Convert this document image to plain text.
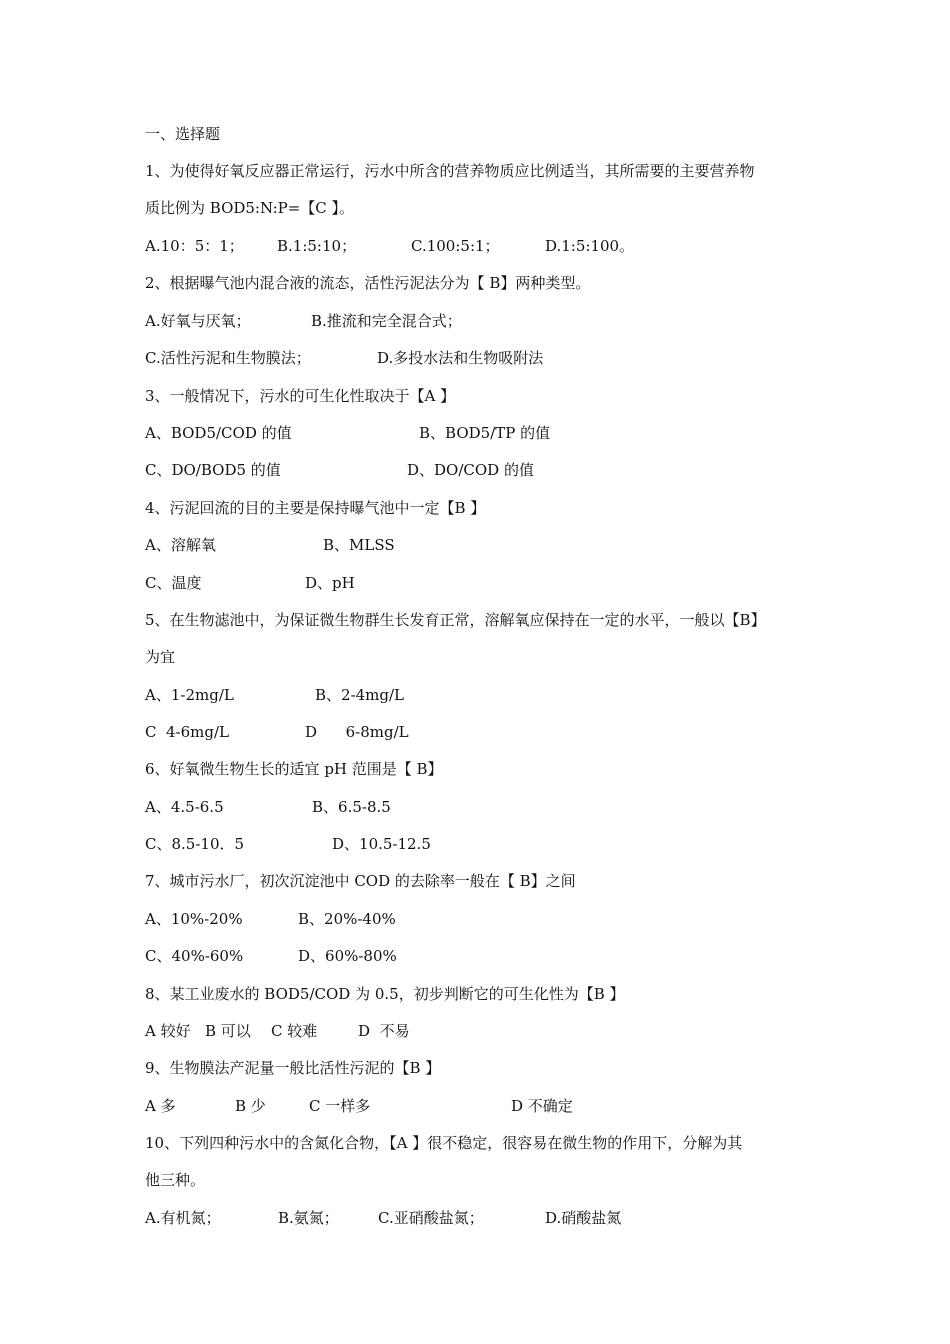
一、选择题
1、为使得好氧反应器正常运行，污水中所含的营养物质应比例适当，其所需要的主要营养物
质比例为 BOD5:N:P=【C 】。
A.10：5：1； B.1:5:10；	C.100:5:1；	D.1:5:100。
2、根据曝气池内混合液的流态，活性污泥法分为【 B】两种类型。
A.好氧与厌氧；	B.推流和完全混合式；
C.活性污泥和生物膜法；	D.多投水法和生物吸附法
3、一般情况下，污水的可生化性取决于【A 】
A、BOD5/COD 的值	B、BOD5/TP 的值
C、DO/BOD5 的值	D、DO/COD 的值
4、污泥回流的目的主要是保持曝气池中一定【B 】
A、溶解氧	B、MLSS
C、温度	D、pH
5、在生物滤池中，为保证微生物群生长发育正常，溶解氧应保持在一定的水平，一般以【B】
为宜
A、1-2mg/L	B、2-4mg/L
C  4-6mg/L	D      6-8mg/L
6、好氧微生物生长的适宜 pH 范围是【 B】
A、4.5-6.5	B、6.5-8.5
C、8.5-10．5	D、10.5-12.5
7、城市污水厂，初次沉淀池中 COD 的去除率一般在【 B】之间
A、10%-20%	B、20%-40%
C、40%-60%	D、60%-80%
8、某工业废水的 BOD5/COD 为 0.5，初步判断它的可生化性为【B 】
A 较好 B 可以 C 较难	D  不易
9、生物膜法产泥量一般比活性污泥的【B 】
A 多	B 少	C 一样多	D 不确定
10、下列四种污水中的含氮化合物，【A 】很不稳定，很容易在微生物的作用下，分解为其
他三种。
A.有机氮；	B.氨氮；	C.亚硝酸盐氮；	D.硝酸盐氮
